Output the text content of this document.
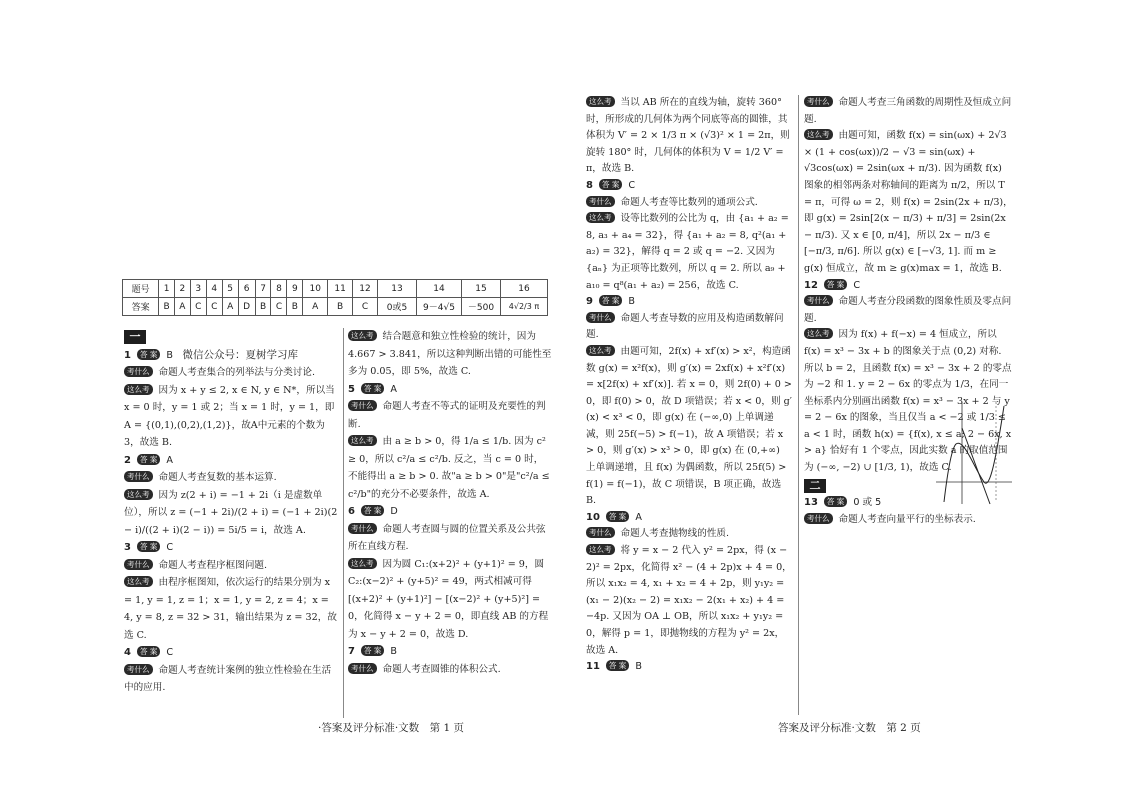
题号	1	2	3	4	5	6	7	8	9	10	11	12	13	14	15	16
答案	B	A	C	C	A	D	B	C	B	A	B	C	0或5	9－4√5	－500	4√2/3 π
一
1 答 案 B　 微信公众号：夏树学习库
考什么 命题人考查集合的列举法与分类讨论.
这么考 因为 x + y ≤ 2, x ∈ N, y ∈ N*，所以当 x = 0 时，y = 1 或 2；当 x = 1 时，y = 1，即 A = {(0,1),(0,2),(1,2)}，故A中元素的个数为3，故选 B.
2 答 案 A
考什么 命题人考查复数的基本运算.
这么考 因为 z(2 + i) = −1 + 2i（i 是虚数单位），所以 z = (−1 + 2i)/(2 + i) = (−1 + 2i)(2 − i)/((2 + i)(2 − i)) = 5i/5 = i，故选 A.
3 答 案 C
考什么 命题人考查程序框图问题.
这么考 由程序框图知，依次运行的结果分别为 x = 1, y = 1, z = 1；x = 1, y = 2, z = 4；x = 4, y = 8, z = 32 > 31，输出结果为 z = 32，故选 C.
4 答 案 C
考什么 命题人考查统计案例的独立性检验在生活中的应用.
这么考 结合题意和独立性检验的统计，因为 4.667 > 3.841，所以这种判断出错的可能性至多为 0.05，即 5%，故选 C.
5 答 案 A
考什么 命题人考查不等式的证明及充要性的判断.
这么考 由 a ≥ b > 0，得 1/a ≤ 1/b. 因为 c² ≥ 0，所以 c²/a ≤ c²/b. 反之，当 c = 0 时，不能得出 a ≥ b > 0. 故"a ≥ b > 0"是"c²/a ≤ c²/b"的充分不必要条件，故选 A.
6 答 案 D
考什么 命题人考查圆与圆的位置关系及公共弦所在直线方程.
这么考 因为圆 C₁:(x+2)² + (y+1)² = 9，圆 C₂:(x−2)² + (y+5)² = 49，两式相减可得 [(x+2)² + (y+1)²] − [(x−2)² + (y+5)²] = 0，化简得 x − y + 2 = 0，即直线 AB 的方程为 x − y + 2 = 0，故选 D.
7 答 案 B
考什么 命题人考查圆锥的体积公式.
·答案及评分标准·文数　第 1 页
这么考 当以 AB 所在的直线为轴，旋转 360° 时，所形成的几何体为两个同底等高的圆锥，其体积为 V′ = 2 × 1/3 π × (√3)² × 1 = 2π，则旋转 180° 时，几何体的体积为 V = 1/2 V′ = π，故选 B.
8 答 案 C
考什么 命题人考查等比数列的通项公式.
这么考 设等比数列的公比为 q，由 {a₁ + a₂ = 8, a₃ + a₄ = 32}，得 {a₁ + a₂ = 8, q²(a₁ + a₂) = 32}，解得 q = 2 或 q = −2. 又因为 {aₙ} 为正项等比数列，所以 q = 2. 所以 a₉ + a₁₀ = q⁸(a₁ + a₂) = 256，故选 C.
9 答 案 B
考什么 命题人考查导数的应用及构造函数解问题.
这么考 由题可知，2f(x) + xf′(x) > x²，构造函数 g(x) = x²f(x)，则 g′(x) = 2xf(x) + x²f′(x) = x[2f(x) + xf′(x)]. 若 x = 0，则 2f(0) + 0 > 0，即 f(0) > 0，故 D 项错误；若 x < 0，则 g′(x) < x³ < 0，即 g(x) 在 (−∞,0) 上单调递减，则 25f(−5) > f(−1)，故 A 项错误；若 x > 0，则 g′(x) > x³ > 0，即 g(x) 在 (0,+∞) 上单调递增，且 f(x) 为偶函数，所以 25f(5) > f(1) = f(−1)，故 C 项错误，B 项正确，故选 B.
10 答 案 A
考什么 命题人考查抛物线的性质.
这么考 将 y = x − 2 代入 y² = 2px，得 (x − 2)² = 2px，化简得 x² − (4 + 2p)x + 4 = 0，所以 x₁x₂ = 4, x₁ + x₂ = 4 + 2p，则 y₁y₂ = (x₁ − 2)(x₂ − 2) = x₁x₂ − 2(x₁ + x₂) + 4 = −4p. 又因为 OA ⊥ OB，所以 x₁x₂ + y₁y₂ = 0，解得 p = 1，即抛物线的方程为 y² = 2x，故选 A.
11 答 案 B
考什么 命题人考查三角函数的周期性及恒成立问题.
这么考 由题可知，函数 f(x) = sin(ωx) + 2√3 × (1 + cos(ωx))/2 − √3 = sin(ωx) + √3cos(ωx) = 2sin(ωx + π/3). 因为函数 f(x) 图象的相邻两条对称轴间的距离为 π/2，所以 T = π，可得 ω = 2，则 f(x) = 2sin(2x + π/3)，即 g(x) = 2sin[2(x − π/3) + π/3] = 2sin(2x − π/3). 又 x ∈ [0, π/4]，所以 2x − π/3 ∈ [−π/3, π/6]. 所以 g(x) ∈ [−√3, 1]. 而 m ≥ g(x) 恒成立，故 m ≥ g(x)max = 1，故选 B.
12 答 案 C
考什么 命题人考查分段函数的图象性质及零点问题.
这么考 因为 f(x) + f(−x) = 4 恒成立，所以 f(x) = x³ − 3x + b 的图象关于点 (0,2) 对称. 所以 b = 2，且函数 f(x) = x³ − 3x + 2 的零点为 −2 和 1. y = 2 − 6x 的零点为 1/3，在同一坐标系内分别画出函数 f(x) = x³ − 3x + 2 与 y = 2 − 6x 的图象，当且仅当 a < −2 或 1/3 ≤ a < 1 时，函数 h(x) = {f(x), x ≤ a; 2 − 6x, x > a} 恰好有 1 个零点，因此实数 a 的取值范围为 (−∞, −2) ∪ [1/3, 1)，故选 C.
二
13 答 案 0 或 5
考什么 命题人考查向量平行的坐标表示.
答案及评分标准·文数　第 2 页
